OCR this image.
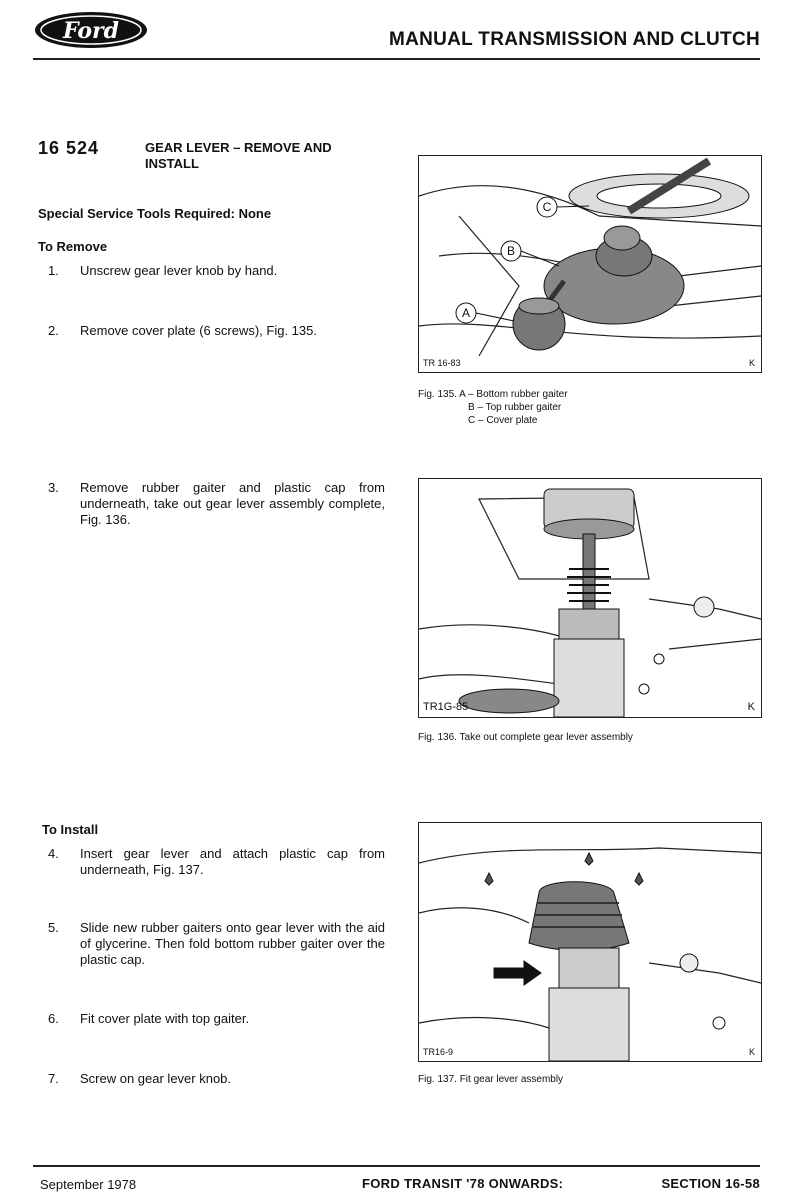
Ford	MANUAL TRANSMISSION AND CLUTCH
16 524	GEAR LEVER – REMOVE AND INSTALL
Special Service Tools Required: None
To Remove
1. Unscrew gear lever knob by hand.
2. Remove cover plate (6 screws), Fig. 135.
3. Remove rubber gaiter and plastic cap from underneath, take out gear lever assembly complete, Fig. 136.
To Install
4. Insert gear lever and attach plastic cap from underneath, Fig. 137.
5. Slide new rubber gaiters onto gear lever with the aid of glycerine. Then fold bottom rubber gaiter over the plastic cap.
6. Fit cover plate with top gaiter.
7. Screw on gear lever knob.
C
B
A
TR 16-83	K
Fig. 135. A – Bottom rubber gaiter
B – Top rubber gaiter
C – Cover plate
TR1G-85	K
Fig. 136. Take out complete gear lever assembly
TR16-9	K
Fig. 137. Fit gear lever assembly
September 1978	FORD TRANSIT '78 ONWARDS:	SECTION 16-58
